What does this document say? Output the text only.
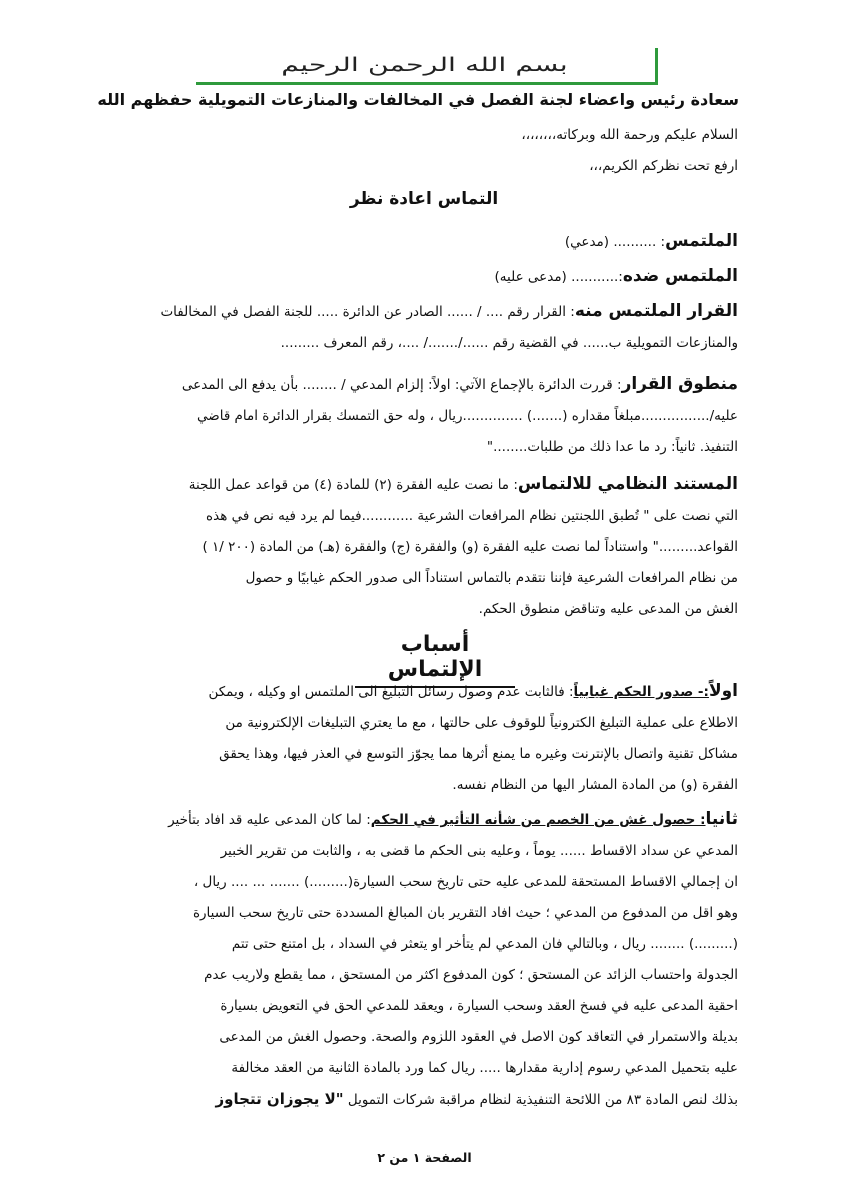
بسم الله الرحمن الرحيم
سعادة رئيس واعضاء لجنة الفصل في المخالفات والمنازعات التمويلية حفظهم الله
السلام عليكم ورحمة الله وبركاته،،،،،،،،
ارفع تحت نظركم الكريم،،،
التماس اعادة نظر
الملتمس: .......... (مدعي)
الملتمس ضده:........... (مدعى عليه)
القرار الملتمس منه: القرار رقم .... / ...... الصادر عن الدائرة ..... للجنة الفصل في المخالفات
والمنازعات التمويلية ب...... في القضية رقم ....../......./ ....، رقم المعرف .........
منطوق القرار: قررت الدائرة بالإجماع الآتي: اولاً: إلزام المدعي / ........ بأن يدفع الى المدعى
عليه/................مبلغاً مقداره (.......) ..............ريال ، وله حق التمسك بقرار الدائرة امام قاضي
التنفيذ. ثانياً: رد ما عدا ذلك من طلبات........"
المستند النظامي للالتماس: ما نصت عليه الفقرة (٢) للمادة (٤) من قواعد عمل اللجنة
التي نصت على " تُطبق اللجنتين نظام المرافعات الشرعية ............فيما لم يرد فيه نص في هذه
القواعد........." واستناداً لما نصت عليه الفقرة (و) والفقرة (ج) والفقرة (هـ) من المادة (٢٠٠ /١ )
من نظام المرافعات الشرعية فإننا نتقدم بالتماس استناداً الى صدور الحكم غيابيًا و حصول
الغش من المدعى عليه وتناقض منطوق الحكم.
أسباب الإلتماس
اولاً:- صدور الحكم غيابياً: فالثابت عدم وصول رسائل التبليغ الى الملتمس او وكيله ، ويمكن
الاطلاع على عملية التبليغ الكترونياً للوقوف على حالتها ، مع ما يعتري التبليغات الإلكترونية من
مشاكل تقنية واتصال بالإنترنت وغيره ما يمنع أثرها مما يجوّز التوسع في العذر فيها، وهذا يحقق
الفقرة (و) من المادة المشار اليها من النظام نفسه.
ثانيا: حصول غش من الخصم من شأنه التأثير في الحكم: لما كان المدعى عليه قد افاد بتأخير
المدعي عن سداد الاقساط ...... يوماً ، وعليه بنى الحكم ما قضى به ، والثابت من تقرير الخبير
ان إجمالي الاقساط المستحقة للمدعى عليه حتى تاريخ سحب السيارة(.........) ....... ... .... ريال ،
وهو اقل من المدفوع من المدعي ؛ حيث افاد التقرير بان المبالغ المسددة حتى تاريخ سحب السيارة
(.........) ........ ريال ، وبالتالي فان المدعي لم يتأخر او يتعثر في السداد ، بل امتنع حتى تتم
الجدولة واحتساب الزائد عن المستحق ؛ كون المدفوع اكثر من المستحق ، مما يقطع ولاريب عدم
احقية المدعى عليه في فسخ العقد وسحب السيارة ، ويعقد للمدعي الحق في التعويض بسيارة
بديلة والاستمرار في التعاقد كون الاصل في العقود اللزوم والصحة. وحصول الغش من المدعى
عليه بتحميل المدعي رسوم إدارية مقدارها ..... ريال كما ورد بالمادة الثانية من العقد مخالفة
بذلك لنص المادة ٨٣ من اللائحة التنفيذية لنظام مراقبة شركات التمويل "لا يجوزان تتجاوز
الصفحة ١ من ٢
